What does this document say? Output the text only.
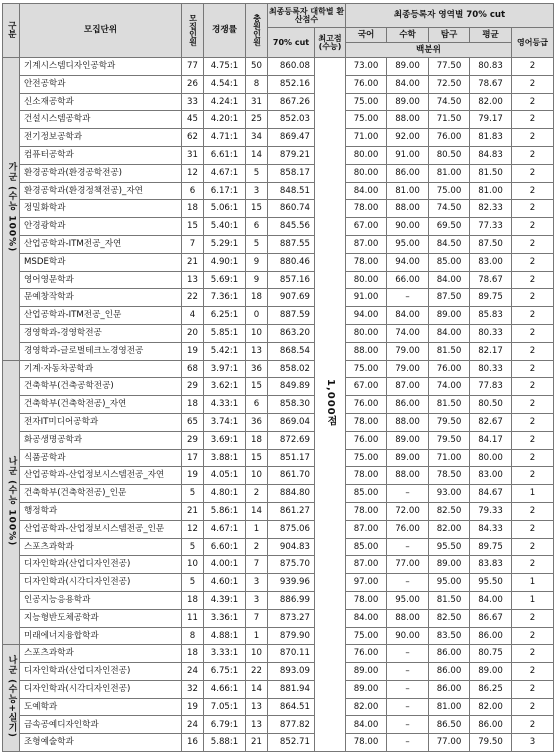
구분	모집단위	모집인원	경쟁률	충원인원	최종등록자 대학별 환산점수		최종등록자 영역별 70% cut				
					70% cut	최고점 (수능)	국어	수학	탐구	평균	영어등급
							백분위				
가군 (수능 100%)	기계시스템디자인공학과	77	4.75:1	50	860.08	1,000점	73.00	89.00	77.50	80.83	2
	안전공학과	26	4.54:1	8	852.16		76.00	84.00	72.50	78.67	2
	신소재공학과	33	4.24:1	31	867.26		75.00	89.00	74.50	82.00	2
	건설시스템공학과	45	4.20:1	25	852.03		75.00	88.00	71.50	79.17	2
	전기정보공학과	62	4.71:1	34	869.47		71.00	92.00	76.00	81.83	2
	컴퓨터공학과	31	6.61:1	14	879.21		80.00	91.00	80.50	84.83	2
	환경공학과(환경공학전공)	12	4.67:1	5	858.17		80.00	86.00	81.00	81.50	2
	환경공학과(환경정책전공)_자연	6	6.17:1	3	848.51		84.00	81.00	75.00	81.00	2
	정밀화학과	18	5.06:1	15	860.74		78.00	88.00	74.50	82.33	2
	안경광학과	15	5.40:1	6	845.56		67.00	90.00	69.50	77.33	2
	산업공학과-ITM전공_자연	7	5.29:1	5	887.55		87.00	95.00	84.50	87.50	2
	MSDE학과	21	4.90:1	9	880.46		78.00	94.00	85.00	83.00	2
	영어영문학과	13	5.69:1	9	857.16		80.00	66.00	84.00	78.67	2
	문예창작학과	22	7.36:1	18	907.69		91.00	–	87.50	89.75	2
	산업공학과-ITM전공_인문	4	6.25:1	0	887.59		94.00	84.00	89.00	85.83	2
	경영학과-경영학전공	20	5.85:1	10	863.20		80.00	74.00	84.00	80.33	2
	경영학과-글로벌테크노경영전공	19	5.42:1	13	868.54		88.00	79.00	81.50	82.17	2
나군 (수능 100%)	기계·자동차공학과	68	3.97:1	36	858.02		75.00	79.00	76.00	80.33	2
	건축학부(건축공학전공)	29	3.62:1	15	849.89		67.00	87.00	74.00	77.83	2
	건축학부(건축학전공)_자연	18	4.33:1	6	858.30		76.00	86.00	81.50	80.50	2
	전자IT미디어공학과	65	3.74:1	36	869.04		78.00	88.00	79.50	82.67	2
	화공생명공학과	29	3.69:1	18	872.69		76.00	89.00	79.50	84.17	2
	식품공학과	17	3.88:1	15	851.17		75.00	89.00	71.00	80.00	2
	산업공학과-산업정보시스템전공_자연	19	4.05:1	10	861.70		78.00	88.00	78.50	83.00	2
	건축학부(건축학전공)_인문	5	4.80:1	2	884.80		85.00	–	93.00	84.67	1
	행정학과	21	5.86:1	14	861.27		78.00	72.00	82.50	79.33	2
	산업공학과-산업정보시스템전공_인문	12	4.67:1	1	875.06		87.00	76.00	82.00	84.33	2
	스포츠과학과	5	6.60:1	2	904.83		85.00	–	95.50	89.75	2
	디자인학과(산업디자인전공)	10	4.00:1	7	875.70		87.00	77.00	89.00	83.83	2
	디자인학과(시각디자인전공)	5	4.60:1	3	939.96		97.00	–	95.00	95.50	1
	인공지능응용학과	18	4.39:1	3	886.99		78.00	95.00	81.50	84.00	1
	지능형반도체공학과	11	3.36:1	7	873.27		84.00	88.00	82.50	86.67	2
	미래에너지융합학과	8	4.88:1	1	879.90		75.00	90.00	83.50	86.00	2
나군 (수능+실기)	스포츠과학과	18	3.33:1	10	870.11		76.00	–	86.00	80.75	2
	디자인학과(산업디자인전공)	24	6.75:1	22	893.09		89.00	–	86.00	89.00	2
	디자인학과(시각디자인전공)	32	4.66:1	14	881.94		89.00	–	86.00	86.25	2
	도예학과	19	7.05:1	13	864.51		82.00	–	81.00	82.00	2
	금속공예디자인학과	24	6.79:1	13	877.82		84.00	–	86.50	86.00	2
	조형예술학과	16	5.88:1	21	852.71		78.00	–	77.00	79.50	3
